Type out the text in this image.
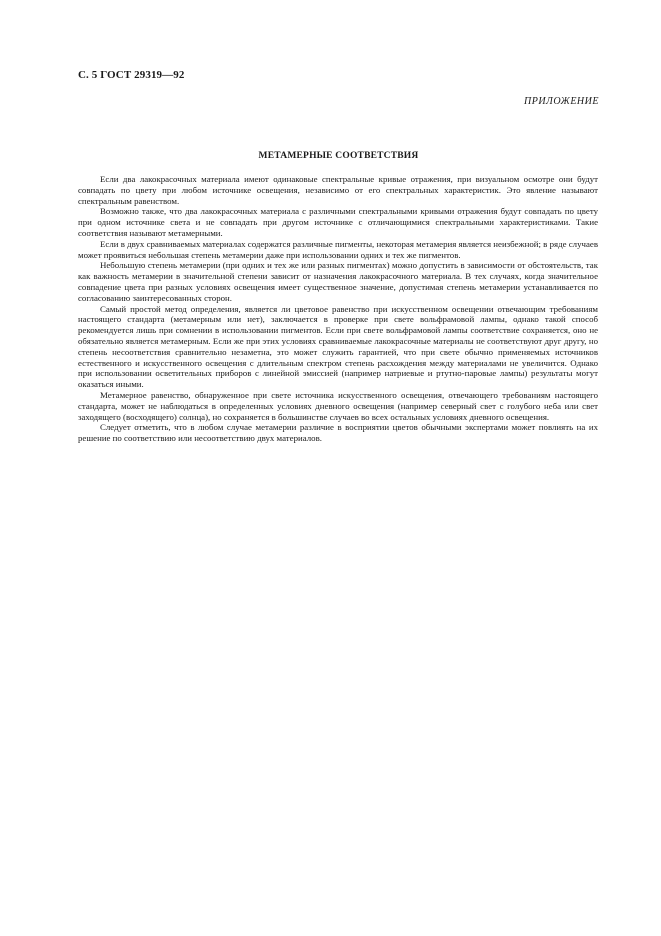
С. 5 ГОСТ 29319—92
ПРИЛОЖЕНИЕ
МЕТАМЕРНЫЕ СООТВЕТСТВИЯ

Если два лакокрасочных материала имеют одинаковые спектральные кривые отражения, при визуальном осмотре они будут совпадать по цвету при любом источнике освещения, независимо от его спектральных характеристик. Это явление называют спектральным равенством.

Возможно также, что два лакокрасочных материала с различными спектральными кривыми отражения будут совпадать по цвету при одном источнике света и не совпадать при другом источнике с отличающимися спектральными характеристиками. Такие соответствия называют метамерными.

Если в двух сравниваемых материалах содержатся различные пигменты, некоторая метамерия является неизбежной; в ряде случаев может проявиться небольшая степень метамерии даже при использовании одних и тех же пигментов.

Небольшую степень метамерии (при одних и тех же или разных пигментах) можно допустить в зависимости от обстоятельств, так как важность метамерии в значительной степени зависит от назначения лакокрасочного материала. В тех случаях, когда значительное совпадение цвета при разных условиях освещения имеет существенное значение, допустимая степень метамерии устанавливается по согласованию заинтересованных сторон.

Самый простой метод определения, является ли цветовое равенство при искусственном освещении отвечающим требованиям настоящего стандарта (метамерным или нет), заключается в проверке при свете вольфрамовой лампы, однако такой способ рекомендуется лишь при сомнении в использовании пигментов. Если при свете вольфрамовой лампы соответствие сохраняется, оно не обязательно является метамерным. Если же при этих условиях сравниваемые лакокрасочные материалы не соответствуют друг другу, но степень несоответствия сравнительно незаметна, это может служить гарантией, что при свете обычно применяемых источников естественного и искусственного освещения с длительным спектром степень расхождения между материалами не увеличится. Однако при использовании осветительных приборов с линейной эмиссией (например натриевые и ртутно-паровые лампы) результаты могут оказаться иными.

Метамерное равенство, обнаруженное при свете источника искусственного освещения, отвечающего требованиям настоящего стандарта, может не наблюдаться в определенных условиях дневного освещения (например северный свет с голубого неба или свет заходящего (восходящего) солнца), но сохраняется в большинстве случаев во всех остальных условиях дневного освещения.

Следует отметить, что в любом случае метамерии различие в восприятии цветов обычными экспертами может повлиять на их решение по соответствию или несоответствию двух материалов.
